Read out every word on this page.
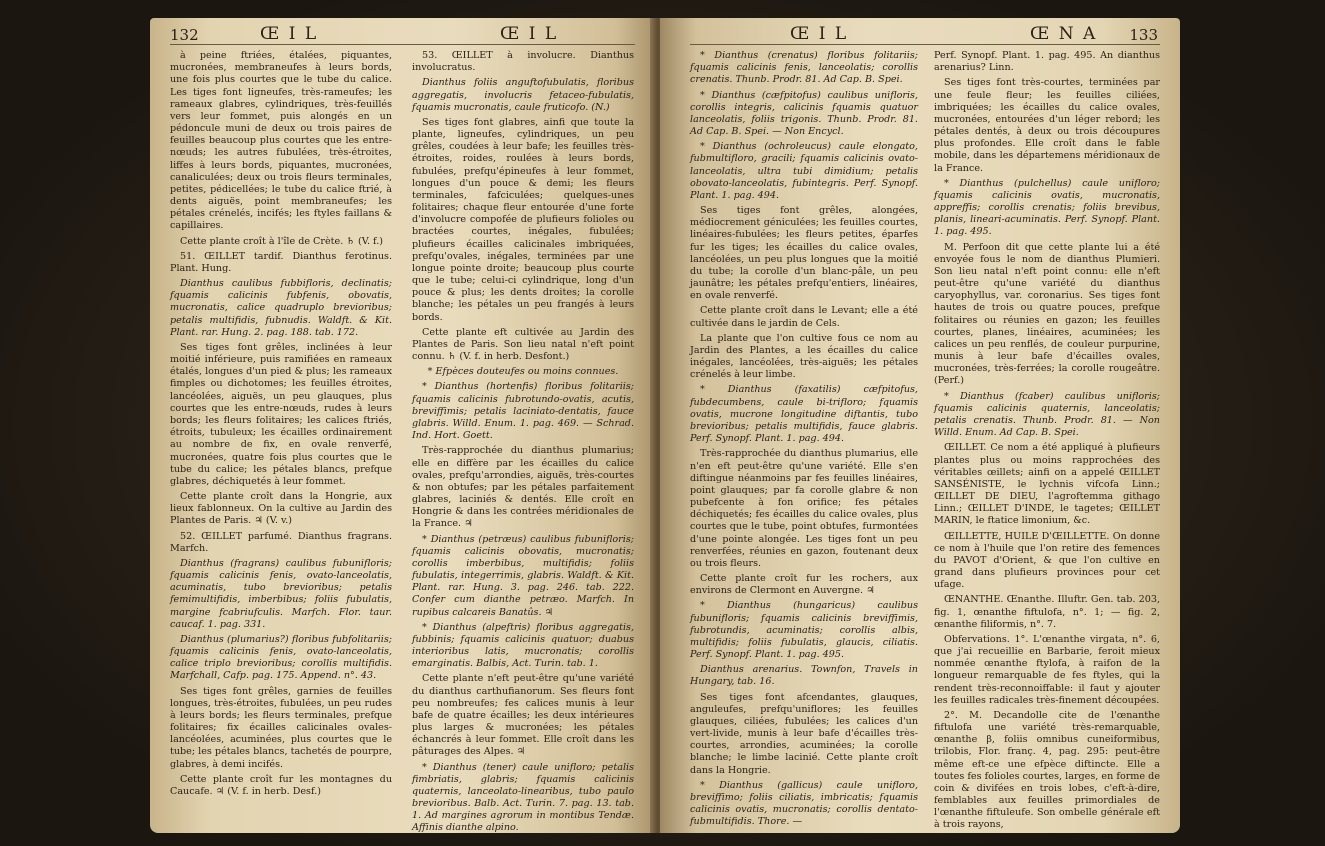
132	Œ I L	Œ I L

à peine ftriées, étalées, piquantes, mucronées, membraneufes à leurs bords, une fois plus courtes que le tube du calice. Les tiges font ligneufes, très-rameufes; les rameaux glabres, cylindriques, très-feuillés vers leur fommet, puis alongés en un pédoncule muni de deux ou trois paires de feuilles beaucoup plus courtes que les entre-nœuds; les autres fubulées, très-étroites, liffes à leurs bords, piquantes, mucronées, canaliculées; deux ou trois fleurs terminales, petites, pédicellées; le tube du calice ftrié, à dents aiguës, point membraneufes; les pétales crénelés, incifés; les ftyles faillans & capillaires.

Cette plante croît à l'île de Crète. ♄ (V. f.)

51. ŒILLET tardif. Dianthus ferotinus. Plant. Hung.

Dianthus caulibus fubbifloris, declinatis; fquamis calicinis fubfenis, obovatis, mucronatis, calice quadruplo brevioribus; petalis multifidis, fubnudis. Waldft. & Kit. Plant. rar. Hung. 2. pag. 188. tab. 172.

Ses tiges font grêles, inclinées à leur moitié inférieure, puis ramifiées en rameaux étalés, longues d'un pied & plus; les rameaux fimples ou dichotomes; les feuilles étroites, lancéolées, aiguës, un peu glauques, plus courtes que les entre-nœuds, rudes à leurs bords; les fleurs folitaires; les calices ftriés, étroits, tubuleux; les écailles ordinairement au nombre de fix, en ovale renverfé, mucronées, quatre fois plus courtes que le tube du calice; les pétales blancs, prefque glabres, déchiquetés à leur fommet.

Cette plante croît dans la Hongrie, aux lieux fablonneux. On la cultive au Jardin des Plantes de Paris. ♃ (V. v.)

52. ŒILLET parfumé. Dianthus fragrans. Marfch.

Dianthus (fragrans) caulibus fubunifloris; fquamis calicinis fenis, ovato-lanceolatis, acuminatis, tubo brevioribus; petalis femimultifidis, imberbibus; foliis fubulatis, margine fcabriufculis. Marfch. Flor. taur. caucaf. 1. pag. 331.

Dianthus (plumarius?) floribus fubfolitariis; fquamis calicinis fenis, ovato-lanceolatis, calice triplo brevioribus; corollis multifidis. Marfchall, Cafp. pag. 175. Append. n°. 43.

Ses tiges font grêles, garnies de feuilles longues, très-étroites, fubulées, un peu rudes à leurs bords; les fleurs terminales, prefque folitaires; fix écailles calicinales ovales-lancéolées, acuminées, plus courtes que le tube; les pétales blancs, tachetés de pourpre, glabres, à demi incifés.

Cette plante croît fur les montagnes du Caucafe. ♃ (V. f. in herb. Desf.)

53. ŒILLET à involucre. Dianthus involucratus.

Dianthus foliis anguftofubulatis, floribus aggregatis, involucris fetaceo-fubulatis, fquamis mucronatis, caule fruticofo. (N.)

Ses tiges font glabres, ainfi que toute la plante, ligneufes, cylindriques, un peu grêles, coudées à leur bafe; les feuilles très-étroites, roides, roulées à leurs bords, fubulées, prefqu'épineufes à leur fommet, longues d'un pouce & demi; les fleurs terminales, fafciculées; quelques-unes folitaires; chaque fleur entourée d'une forte d'involucre compofée de plufieurs folioles ou bractées courtes, inégales, fubulées; plufieurs écailles calicinales imbriquées, prefqu'ovales, inégales, terminées par une longue pointe droite; beaucoup plus courte que le tube; celui-ci cylindrique, long d'un pouce & plus; les dents droites; la corolle blanche; les pétales un peu frangés à leurs bords.

Cette plante eft cultivée au Jardin des Plantes de Paris. Son lieu natal n'eft point connu. ♄ (V. f. in herb. Desfont.)

* Efpèces douteufes ou moins connues.

* Dianthus (hortenfis) floribus folitariis; fquamis calicinis fubrotundo-ovatis, acutis, breviffimis; petalis laciniato-dentatis, fauce glabris. Willd. Enum. 1. pag. 469. — Schrad. Ind. Hort. Goett.

Très-rapprochée du dianthus plumarius; elle en diffère par les écailles du calice ovales, prefqu'arrondies, aiguës, très-courtes & non obtufes; par les pétales parfaitement glabres, laciniés & dentés. Elle croît en Hongrie & dans les contrées méridionales de la France. ♃

* Dianthus (petræus) caulibus fubunifloris; fquamis calicinis obovatis, mucronatis; corollis imberbibus, multifidis; foliis fubulatis, integerrimis, glabris. Waldft. & Kit. Plant. rar. Hung. 3. pag. 246. tab. 222. Confer cum dianthe petræo. Marfch. In rupibus calcareis Banatûs. ♃

* Dianthus (alpeftris) floribus aggregatis, fubbinis; fquamis calicinis quatuor; duabus interioribus latis, mucronatis; corollis emarginatis. Balbis, Act. Turin. tab. 1.

Cette plante n'eft peut-être qu'une variété du dianthus carthufianorum. Ses fleurs font peu nombreufes; fes calices munis à leur bafe de quatre écailles; les deux intérieures plus larges & mucronées; les pétales échancrés à leur fommet. Elle croît dans les pâturages des Alpes. ♃

* Dianthus (tener) caule unifloro; petalis fimbriatis, glabris; fquamis calicinis quaternis, lanceolato-linearibus, tubo paulo brevioribus. Balb. Act. Turin. 7. pag. 13. tab. 1. Ad margines agrorum in montibus Tendæ. Affinis dianthe alpino.

Œ I L	Œ N A 133

* Dianthus (crenatus) floribus folitariis; fquamis calicinis fenis, lanceolatis; corollis crenatis. Thunb. Prodr. 81. Ad Cap. B. Spei.

* Dianthus (cæfpitofus) caulibus unifloris, corollis integris, calicinis fquamis quatuor lanceolatis, foliis trigonis. Thunb. Prodr. 81. Ad Cap. B. Spei. — Non Encycl.

* Dianthus (ochroleucus) caule elongato, fubmultifloro, gracili; fquamis calicinis ovato-lanceolatis, ultra tubi dimidium; petalis obovato-lanceolatis, fubintegris. Perf. Synopf. Plant. 1. pag. 494.

Ses tiges font grêles, alongées, médiocrement géniculées; les feuilles courtes, linéaires-fubulées; les fleurs petites, éparfes fur les tiges; les écailles du calice ovales, lancéolées, un peu plus longues que la moitié du tube; la corolle d'un blanc-pâle, un peu jaunâtre; les pétales prefqu'entiers, linéaires, en ovale renverfé.

Cette plante croît dans le Levant; elle a été cultivée dans le jardin de Cels.

La plante que l'on cultive fous ce nom au Jardin des Plantes, a les écailles du calice inégales, lancéolées, très-aiguës; les pétales crénelés à leur limbe.

* Dianthus (faxatilis) cæfpitofus, fubdecumbens, caule bi-trifloro; fquamis ovatis, mucrone longitudine diftantis, tubo brevioribus; petalis multifidis, fauce glabris. Perf. Synopf. Plant. 1. pag. 494.

Très-rapprochée du dianthus plumarius, elle n'en eft peut-être qu'une variété. Elle s'en diftingue néanmoins par fes feuilles linéaires, point glauques; par fa corolle glabre & non pubefcente à fon orifice; fes pétales déchiquetés; fes écailles du calice ovales, plus courtes que le tube, point obtufes, furmontées d'une pointe alongée. Les tiges font un peu renverfées, réunies en gazon, foutenant deux ou trois fleurs.

Cette plante croît fur les rochers, aux environs de Clermont en Auvergne. ♃

* Dianthus (hungaricus) caulibus fubunifloris; fquamis calicinis breviffimis, fubrotundis, acuminatis; corollis albis, multifidis; foliis fubulatis, glaucis, ciliatis. Perf. Synopf. Plant. 1. pag. 495.

Dianthus arenarius. Townfon, Travels in Hungary, tab. 16.

Ses tiges font afcendantes, glauques, anguleufes, prefqu'uniflores; les feuilles glauques, ciliées, fubulées; les calices d'un vert-livide, munis à leur bafe d'écailles très-courtes, arrondies, acuminées; la corolle blanche; le limbe lacinié. Cette plante croît dans la Hongrie.

* Dianthus (gallicus) caule unifloro, breviffimo; foliis ciliatis, imbricatis; fquamis calicinis ovatis, mucronatis; corollis dentato-fubmultifidis. Thore. —

Perf. Synopf. Plant. 1. pag. 495. An dianthus arenarius? Linn.

Ses tiges font très-courtes, terminées par une feule fleur; les feuilles ciliées, imbriquées; les écailles du calice ovales, mucronées, entourées d'un léger rebord; les pétales dentés, à deux ou trois découpures plus profondes. Elle croît dans le fable mobile, dans les départemens méridionaux de la France.

* Dianthus (pulchellus) caule unifloro; fquamis calicinis ovatis, mucronatis, appreffis; corollis crenatis; foliis brevibus, planis, lineari-acuminatis. Perf. Synopf. Plant. 1. pag. 495.

M. Perfoon dit que cette plante lui a été envoyée fous le nom de dianthus Plumieri. Son lieu natal n'eft point connu: elle n'eft peut-être qu'une variété du dianthus caryophyllus, var. coronarius. Ses tiges font hautes de trois ou quatre pouces, prefque folitaires ou réunies en gazon; les feuilles courtes, planes, linéaires, acuminées; les calices un peu renflés, de couleur purpurine, munis à leur bafe d'écailles ovales, mucronées, très-ferrées; la corolle rougeâtre. (Perf.)

* Dianthus (fcaber) caulibus unifloris; fquamis calicinis quaternis, lanceolatis; petalis crenatis. Thunb. Prodr. 81. — Non Willd. Enum. Ad Cap. B. Spei.

ŒILLET. Ce nom a été appliqué à plufieurs plantes plus ou moins rapprochées des véritables œillets; ainfi on a appelé ŒILLET SANSÉNISTE, le lychnis vifcofa Linn.; ŒILLET DE DIEU, l'agroftemma githago Linn.; ŒILLET D'INDE, le tagetes; ŒILLET MARIN, le ftatice limonium, &c.

ŒILLETTE, HUILE D'ŒILLETTE. On donne ce nom à l'huile que l'on retire des femences du PAVOT d'Orient, & que l'on cultive en grand dans plufieurs provinces pour cet ufage.

ŒNANTHE. Œnanthe. Illuftr. Gen. tab. 203, fig. 1, œnanthe fiftulofa, n°. 1; — fig. 2, œnanthe filiformis, n°. 7.

Obfervations. 1°. L'œnanthe virgata, n°. 6, que j'ai recueillie en Barbarie, feroit mieux nommée œnanthe ftylofa, à raifon de la longueur remarquable de fes ftyles, qui la rendent très-reconnoiffable: il faut y ajouter les feuilles radicales très-finement découpées.

2°. M. Decandolle cite de l'œnanthe fiftulofa une variété très-remarquable, œnanthe β, foliis omnibus cuneiformibus, trilobis, Flor. franç. 4, pag. 295: peut-être même eft-ce une efpèce diftincte. Elle a toutes fes folioles courtes, larges, en forme de coin & divifées en trois lobes, c'eft-à-dire, femblables aux feuilles primordiales de l'œnanthe fiftuleufe. Son ombelle générale eft à trois rayons,
